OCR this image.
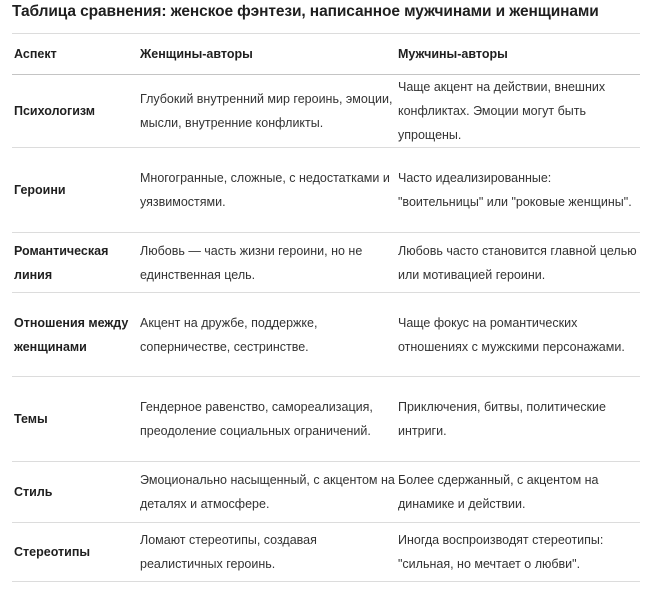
Таблица сравнения: женское фэнтези, написанное мужчинами и женщинами
Аспект	Женщины-авторы	Мужчины-авторы
Психологизм	Глубокий внутренний мир героинь, эмоции, мысли, внутренние конфликты.	Чаще акцент на действии, внешних конфликтах. Эмоции могут быть упрощены.
Героини	Многогранные, сложные, с недостатками и уязвимостями.	Часто идеализированные: "воительницы" или "роковые женщины".
Романтическая линия	Любовь — часть жизни героини, но не единственная цель.	Любовь часто становится главной целью или мотивацией героини.
Отношения между женщинами	Акцент на дружбе, поддержке, соперничестве, сестринстве.	Чаще фокус на романтических отношениях с мужскими персонажами.
Темы	Гендерное равенство, самореализация, преодоление социальных ограничений.	Приключения, битвы, политические интриги.
Стиль	Эмоционально насыщенный, с акцентом на деталях и атмосфере.	Более сдержанный, с акцентом на динамике и действии.
Стереотипы	Ломают стереотипы, создавая реалистичных героинь.	Иногда воспроизводят стереотипы: "сильная, но мечтает о любви".
